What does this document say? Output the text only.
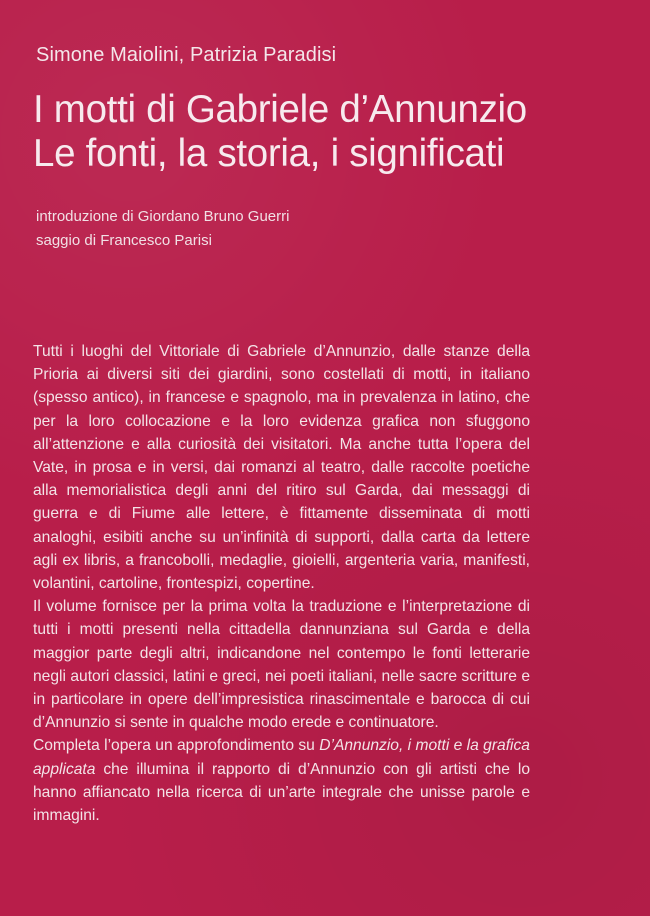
Simone Maiolini, Patrizia Paradisi
I motti di Gabriele d’Annunzio
Le fonti, la storia, i significati
introduzione di Giordano Bruno Guerri
saggio di Francesco Parisi

Tutti i luoghi del Vittoriale di Gabriele d’Annunzio, dalle stanze della Prioria ai diversi siti dei giardini, sono costellati di motti, in italiano (spesso antico), in francese e spagnolo, ma in prevalenza in latino, che per la loro collocazione e la loro evidenza grafica non sfuggono all’attenzione e alla curiosità dei visitatori. Ma anche tutta l’opera del Vate, in prosa e in versi, dai romanzi al teatro, dalle raccolte poetiche alla memorialistica degli anni del ritiro sul Garda, dai messaggi di guerra e di Fiume alle lettere, è fittamente disseminata di motti analoghi, esibiti anche su un’infinità di supporti, dalla carta da lettere agli ex libris, a francobolli, medaglie, gioielli, argenteria varia, manifesti, volantini, cartoline, frontespizi, copertine.

Il volume fornisce per la prima volta la traduzione e l’interpretazione di tutti i motti presenti nella cittadella dannunziana sul Garda e della maggior parte degli altri, indicandone nel contempo le fonti letterarie negli autori classici, latini e greci, nei poeti italiani, nelle sacre scritture e in particolare in opere dell’impresistica rinascimentale e barocca di cui d’Annunzio si sente in qualche modo erede e continuatore.

Completa l’opera un approfondimento su D’Annunzio, i motti e la grafica applicata che illumina il rapporto di d’Annunzio con gli artisti che lo hanno affiancato nella ricerca di un’arte integrale che unisse parole e immagini.
